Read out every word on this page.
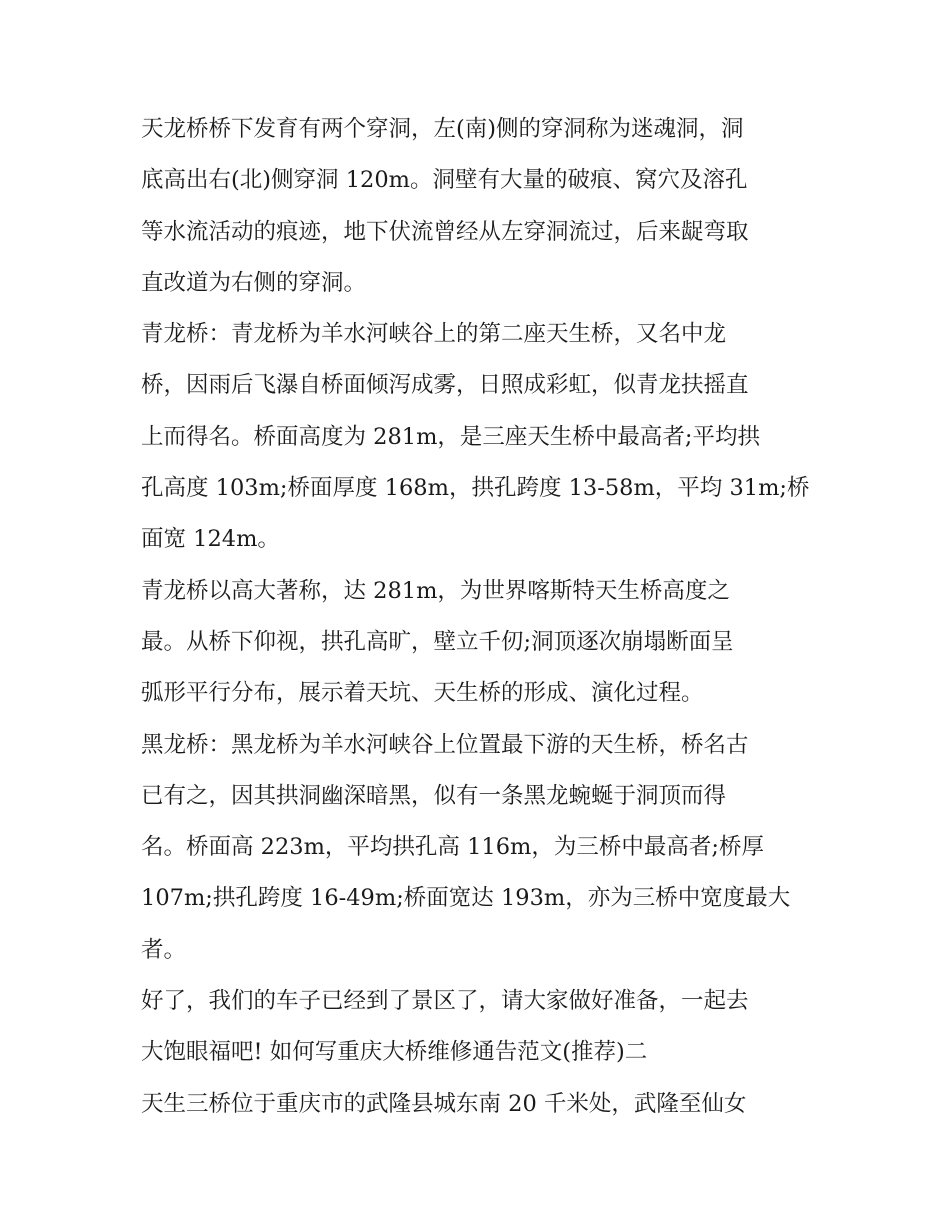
天龙桥桥下发育有两个穿洞，左(南)侧的穿洞称为迷魂洞，洞
底高出右(北)侧穿洞 120m。洞壁有大量的破痕、窝穴及溶孔
等水流活动的痕迹，地下伏流曾经从左穿洞流过，后来龊弯取
直改道为右侧的穿洞。
青龙桥：青龙桥为羊水河峡谷上的第二座天生桥，又名中龙
桥，因雨后飞瀑自桥面倾泻成雾，日照成彩虹，似青龙扶摇直
上而得名。桥面高度为 281m，是三座天生桥中最高者;平均拱
孔高度 103m;桥面厚度 168m，拱孔跨度 13-58m，平均 31m;桥
面宽 124m。
青龙桥以高大著称，达 281m，为世界喀斯特天生桥高度之
最。从桥下仰视，拱孔高旷，壁立千仞;洞顶逐次崩塌断面呈
弧形平行分布，展示着天坑、天生桥的形成、演化过程。
黑龙桥：黑龙桥为羊水河峡谷上位置最下游的天生桥，桥名古
已有之，因其拱洞幽深暗黑，似有一条黑龙蜿蜒于洞顶而得
名。桥面高 223m，平均拱孔高 116m，为三桥中最高者;桥厚
107m;拱孔跨度 16-49m;桥面宽达 193m，亦为三桥中宽度最大
者。
好了，我们的车子已经到了景区了，请大家做好准备，一起去
大饱眼福吧! 如何写重庆大桥维修通告范文(推荐)二
天生三桥位于重庆市的武隆县城东南 20 千米处，武隆至仙女
